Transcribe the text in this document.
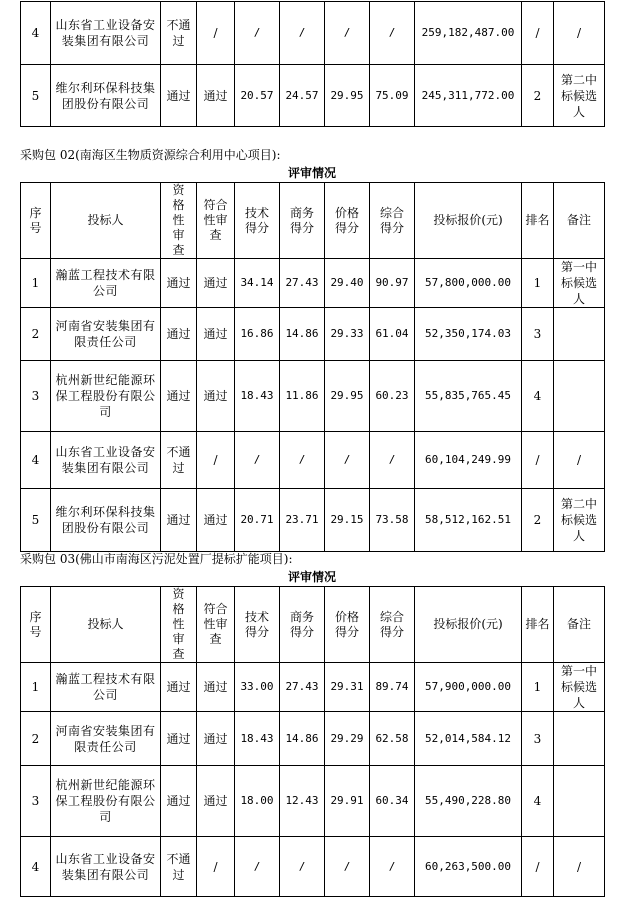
4	山东省工业设备安装集团有限公司	不通过	/	/	/	/	/	259,182,487.00	/	/
5	维尔利环保科技集团股份有限公司	通过	通过	20.57	24.57	29.95	75.09	245,311,772.00	2	第二中标候选人
采购包 02(南海区生物质资源综合利用中心项目):
评审情况
序号	投标人	资格性审查	符合性审查	技术得分	商务得分	价格得分	综合得分	投标报价(元)	排名	备注
1	瀚蓝工程技术有限公司	通过	通过	34.14	27.43	29.40	90.97	57,800,000.00	1	第一中标候选人
2	河南省安装集团有限责任公司	通过	通过	16.86	14.86	29.33	61.04	52,350,174.03	3	
3	杭州新世纪能源环保工程股份有限公司	通过	通过	18.43	11.86	29.95	60.23	55,835,765.45	4	
4	山东省工业设备安装集团有限公司	不通过	/	/	/	/	/	60,104,249.99	/	/
5	维尔利环保科技集团股份有限公司	通过	通过	20.71	23.71	29.15	73.58	58,512,162.51	2	第二中标候选人
采购包 03(佛山市南海区污泥处置厂提标扩能项目):
评审情况
序号	投标人	资格性审查	符合性审查	技术得分	商务得分	价格得分	综合得分	投标报价(元)	排名	备注
1	瀚蓝工程技术有限公司	通过	通过	33.00	27.43	29.31	89.74	57,900,000.00	1	第一中标候选人
2	河南省安装集团有限责任公司	通过	通过	18.43	14.86	29.29	62.58	52,014,584.12	3	
3	杭州新世纪能源环保工程股份有限公司	通过	通过	18.00	12.43	29.91	60.34	55,490,228.80	4	
4	山东省工业设备安装集团有限公司	不通过	/	/	/	/	/	60,263,500.00	/	/
